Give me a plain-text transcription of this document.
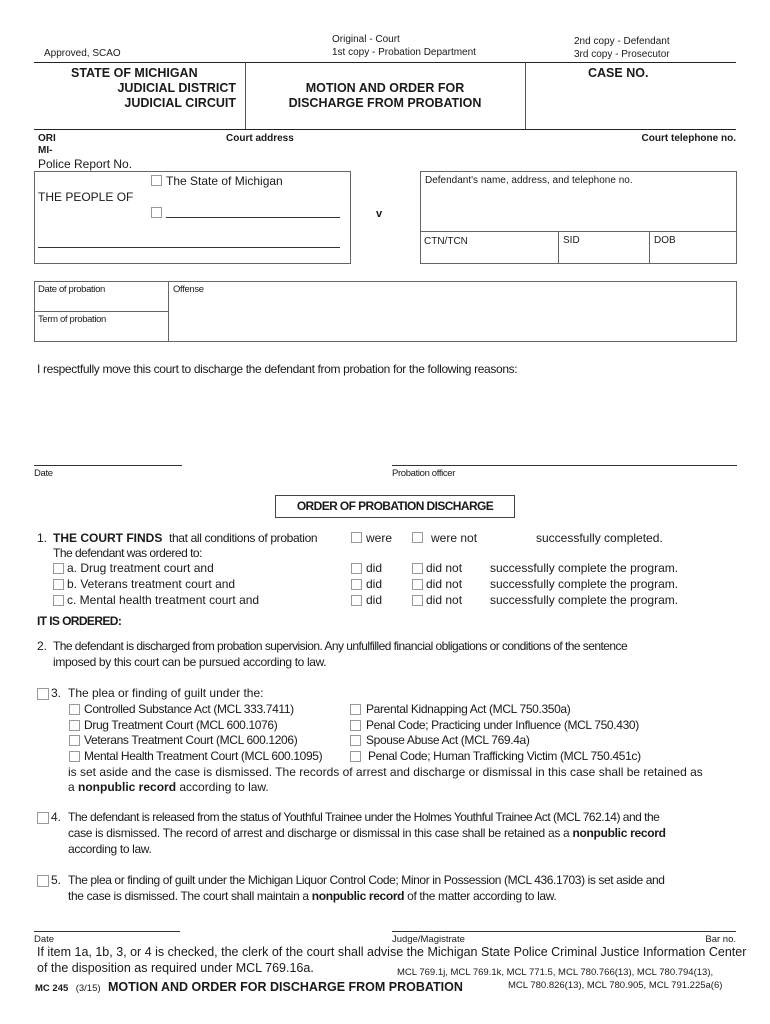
Approved, SCAO
Original - Court
1st copy - Probation Department
2nd copy - Defendant
3rd copy - Prosecutor
STATE OF MICHIGAN
JUDICIAL DISTRICT
JUDICIAL CIRCUIT
MOTION AND ORDER FOR
DISCHARGE FROM PROBATION
CASE NO.
ORI
MI-
Court address	Court telephone no.
Police Report No.
THE PEOPLE OF
The State of Michigan
v
Defendant's name, address, and telephone no.
CTN/TCN	SID	DOB
Date of probation
Term of probation
Offense
I respectfully move this court to discharge the defendant from probation for the following reasons:
Date	Probation officer
ORDER OF PROBATION DISCHARGE
1. THE COURT FINDS that all conditions of probation	were	were not	successfully completed.
The defendant was ordered to:
a. Drug treatment court and	did	did not successfully complete the program.
b. Veterans treatment court and	did	did not successfully complete the program.
c. Mental health treatment court and	did	did not successfully complete the program.
IT IS ORDERED:
2. The defendant is discharged from probation supervision. Any unfulfilled financial obligations or conditions of the sentence
imposed by this court can be pursued according to law.
3. The plea or finding of guilt under the:
Controlled Substance Act (MCL 333.7411)	Parental Kidnapping Act (MCL 750.350a)
Drug Treatment Court (MCL 600.1076)	Penal Code; Practicing under Influence (MCL 750.430)
Veterans Treatment Court (MCL 600.1206)	Spouse Abuse Act (MCL 769.4a)
Mental Health Treatment Court (MCL 600.1095)	Penal Code; Human Trafficking Victim (MCL 750.451c)
is set aside and the case is dismissed. The records of arrest and discharge or dismissal in this case shall be retained as
a nonpublic record according to law.
4. The defendant is released from the status of Youthful Trainee under the Holmes Youthful Trainee Act (MCL 762.14) and the
case is dismissed. The record of arrest and discharge or dismissal in this case shall be retained as a nonpublic record
according to law.
5. The plea or finding of guilt under the Michigan Liquor Control Code; Minor in Possession (MCL 436.1703) is set aside and
the case is dismissed. The court shall maintain a nonpublic record of the matter according to law.
Date	Judge/Magistrate	Bar no.
If item 1a, 1b, 3, or 4 is checked, the clerk of the court shall advise the Michigan State Police Criminal Justice Information Center
of the disposition as required under MCL 769.16a.	MCL 769.1j, MCL 769.1k, MCL 771.5, MCL 780.766(13), MCL 780.794(13),
MCL 780.826(13), MCL 780.905, MCL 791.225a(6)
MC 245 (3/15) MOTION AND ORDER FOR DISCHARGE FROM PROBATION
